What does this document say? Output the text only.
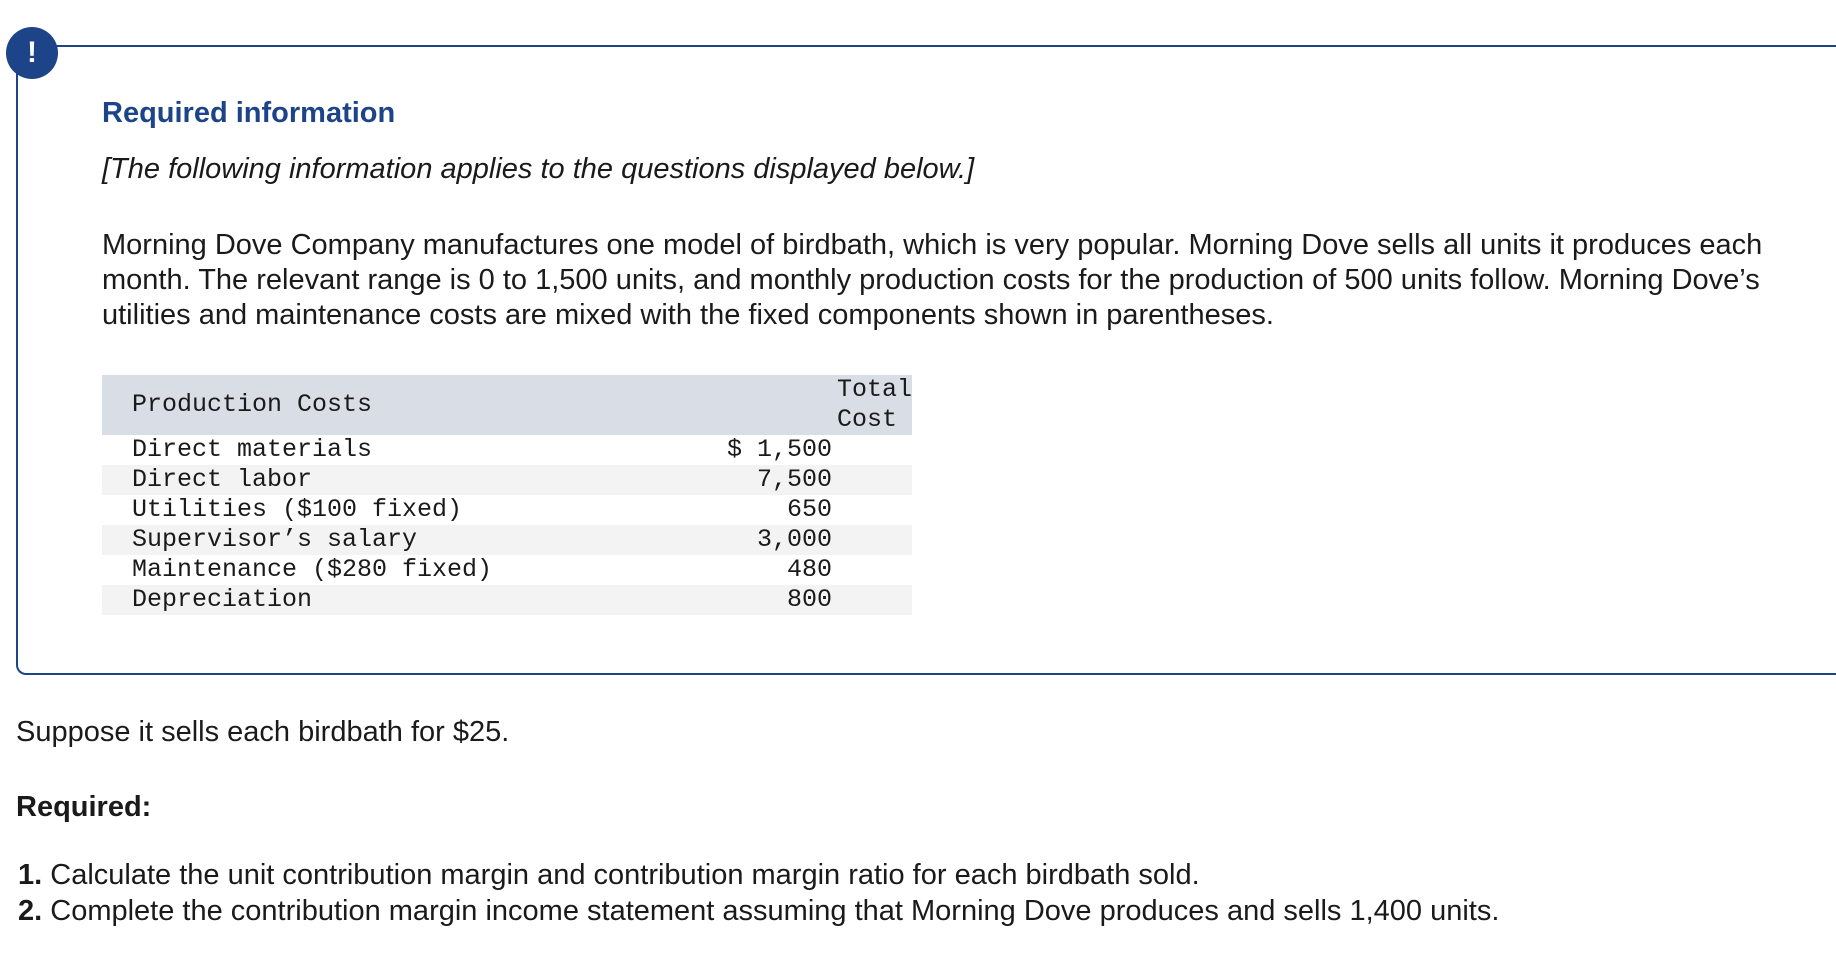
!
Required information
[The following information applies to the questions displayed below.]
Morning Dove Company manufactures one model of birdbath, which is very popular. Morning Dove sells all units it produces each month. The relevant range is 0 to 1,500 units, and monthly production costs for the production of 500 units follow. Morning Dove’s utilities and maintenance costs are mixed with the fixed components shown in parentheses.
Production Costs	Total Cost
Direct materials	$ 1,500
Direct labor	7,500
Utilities ($100 fixed)	650
Supervisor’s salary	3,000
Maintenance ($280 fixed)	480
Depreciation	800
Suppose it sells each birdbath for $25.
Required:
1. Calculate the unit contribution margin and contribution margin ratio for each birdbath sold.
2. Complete the contribution margin income statement assuming that Morning Dove produces and sells 1,400 units.
